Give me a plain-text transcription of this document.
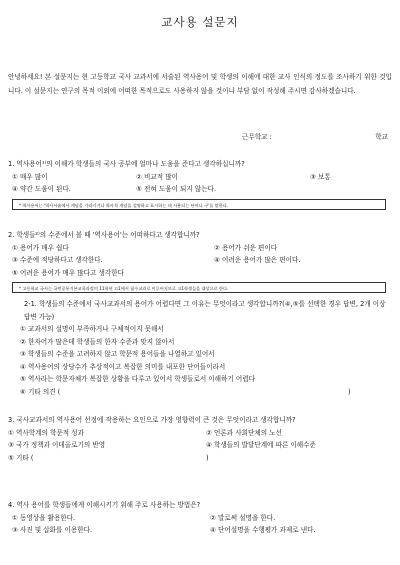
교사용 설문지
안녕하세요! 본 설문지는 현 고등학교 국사 교과서에 서술된 역사용어 및 학생의 이해에 대한 교사 인식의 정도를 조사하기 위한 것입니다. 이 설문지는 연구의 목적 이외에 어떠한 목적으로도 사용하지 않을 것이니 부담 없이 작성해 주시면 감사하겠습니다.
근무학교 :	학교
1. 역사용어¹⁾의 이해가 학생들의 국사 공부에 얼마나 도움을 준다고 생각하십니까?
① 매우 많이	② 비교적 많이	③ 보통
④ 약간 도움이 된다.	⑤ 전혀 도움이 되지 않는다.
* 역사용어는 '역사서술에서 개념을 가리키거나 역사적 개념을 설명하고 표시하는 데 사용되는 단어나 구'를 말한다.
2. 학생들²⁾의 수준에서 볼 때 '역사용어'는 어떠하다고 생각합니까?
① 용어가 매우 쉽다	② 용어가 쉬운 편이다
③ 수준에 적당하다고 생각한다.	④ 어려운 용어가 많은 편이다.
⑤ 어려운 용어가 매우 많다고 생각한다
* 고등학교 국사는 국민공통기본교육과정의 11학년 고1에서 필수교과로 이루어지므로 고1학생들을 대상으로 한다.
2-1. 학생들의 수준에서 국사교과서의 용어가 어렵다면 그 이유는 무엇이라고 생각합니까?(④,⑤를 선택한 경우 답변, 2개 이상 답변 가능)
① 교과서의 설명이 부족하거나 구체적이지 못해서
② 한자어가 많은데 학생들의 한자 수준과 맞지 않아서
③ 학생들의 수준을 고려하지 않고 학문적 용어들을 나열하고 있어서
④ 역사용어의 상당수가 추상적이고 복잡한 의미를 내포한 단어들이라서
⑤ 역사라는 학문자체가 복잡한 상황을 다루고 있어서 학생들로서 이해하기 어렵다
⑥ 기타 의견 (	)
3. 국사교과서의 역사용어 선정에 작용하는 요인으로 가장 영향력이 큰 것은 무엇이라고 생각합니까?
① 역사학계의 학문적 성과	② 언론과 사회단체의 노선
③ 국가 정책과 이데올로기의 반영	④ 학생들의 발달단계에 따른 이해수준
⑤ 기타 (	)
4. 역사 용어를 학생들에게 이해시키기 위해 주로 사용하는 방법은?
① 동영상을 활용한다.	② 말로써 설명을 한다.
③ 사진 및 삽화를 이용한다.	④ 단어설명을 수행평가 과제로 낸다.
